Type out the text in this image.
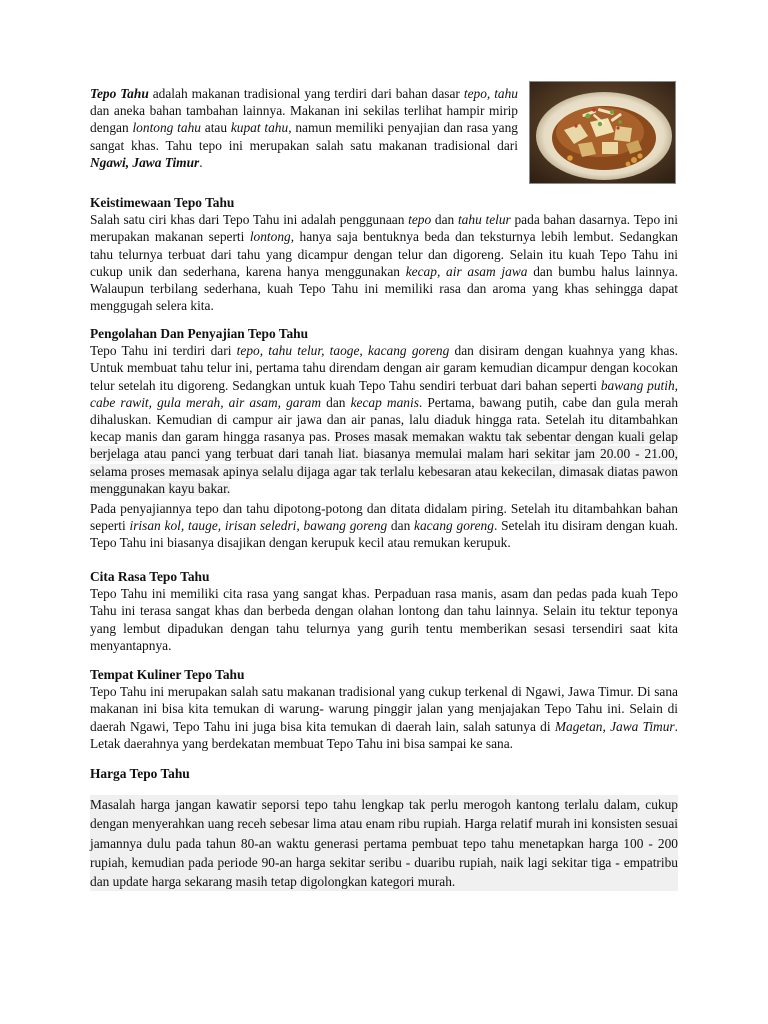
Tepo Tahu adalah makanan tradisional yang terdiri dari bahan dasar tepo, tahu dan aneka bahan tambahan lainnya. Makanan ini sekilas terlihat hampir mirip dengan lontong tahu atau kupat tahu, namun memiliki penyajian dan rasa yang sangat khas. Tahu tepo ini merupakan salah satu makanan tradisional dari Ngawi, Jawa Timur.
Keistimewaan Tepo Tahu

Salah satu ciri khas dari Tepo Tahu ini adalah penggunaan tepo dan tahu telur pada bahan dasarnya. Tepo ini merupakan makanan seperti lontong, hanya saja bentuknya beda dan teksturnya lebih lembut. Sedangkan tahu telurnya terbuat dari tahu yang dicampur dengan telur dan digoreng. Selain itu kuah Tepo Tahu ini cukup unik dan sederhana, karena hanya menggunakan kecap, air asam jawa dan bumbu halus lainnya. Walaupun terbilang sederhana, kuah Tepo Tahu ini memiliki rasa dan aroma yang khas sehingga dapat menggugah selera kita.

Pengolahan Dan Penyajian Tepo Tahu

Tepo Tahu ini terdiri dari tepo, tahu telur, taoge, kacang goreng dan disiram dengan kuahnya yang khas. Untuk membuat tahu telur ini, pertama tahu direndam dengan air garam kemudian dicampur dengan kocokan telur setelah itu digoreng. Sedangkan untuk kuah Tepo Tahu sendiri terbuat dari bahan seperti bawang putih, cabe rawit, gula merah, air asam, garam dan kecap manis. Pertama, bawang putih, cabe dan gula merah dihaluskan. Kemudian di campur air jawa dan air panas, lalu diaduk hingga rata. Setelah itu ditambahkan kecap manis dan garam hingga rasanya pas. Proses masak memakan waktu tak sebentar dengan kuali gelap berjelaga atau panci yang terbuat dari tanah liat. biasanya memulai malam hari sekitar jam 20.00 - 21.00, selama proses memasak apinya selalu dijaga agar tak terlalu kebesaran atau kekecilan, dimasak diatas pawon menggunakan kayu bakar.

Pada penyajiannya tepo dan tahu dipotong-potong dan ditata didalam piring. Setelah itu ditambahkan bahan seperti irisan kol, tauge, irisan seledri, bawang goreng dan kacang goreng. Setelah itu disiram dengan kuah. Tepo Tahu ini biasanya disajikan dengan kerupuk kecil atau remukan kerupuk.

Cita Rasa Tepo Tahu

Tepo Tahu ini memiliki cita rasa yang sangat khas. Perpaduan rasa manis, asam dan pedas pada kuah Tepo Tahu ini terasa sangat khas dan berbeda dengan olahan lontong dan tahu lainnya. Selain itu tektur teponya yang lembut dipadukan dengan tahu telurnya yang gurih tentu memberikan sesasi tersendiri saat kita menyantapnya.

Tempat Kuliner Tepo Tahu

Tepo Tahu ini merupakan salah satu makanan tradisional yang cukup terkenal di Ngawi, Jawa Timur. Di sana makanan ini bisa kita temukan di warung- warung pinggir jalan yang menjajakan Tepo Tahu ini. Selain di daerah Ngawi, Tepo Tahu ini juga bisa kita temukan di daerah lain, salah satunya di Magetan, Jawa Timur. Letak daerahnya yang berdekatan membuat Tepo Tahu ini bisa sampai ke sana.

Harga Tepo Tahu

Masalah harga jangan kawatir seporsi tepo tahu lengkap tak perlu merogoh kantong terlalu dalam, cukup dengan menyerahkan uang receh sebesar lima atau enam ribu rupiah. Harga relatif murah ini konsisten sesuai jamannya dulu pada tahun 80-an waktu generasi pertama pembuat tepo tahu menetapkan harga 100 - 200 rupiah, kemudian pada periode 90-an harga sekitar seribu - duaribu rupiah, naik lagi sekitar tiga - empatribu dan update harga sekarang masih tetap digolongkan kategori murah.
